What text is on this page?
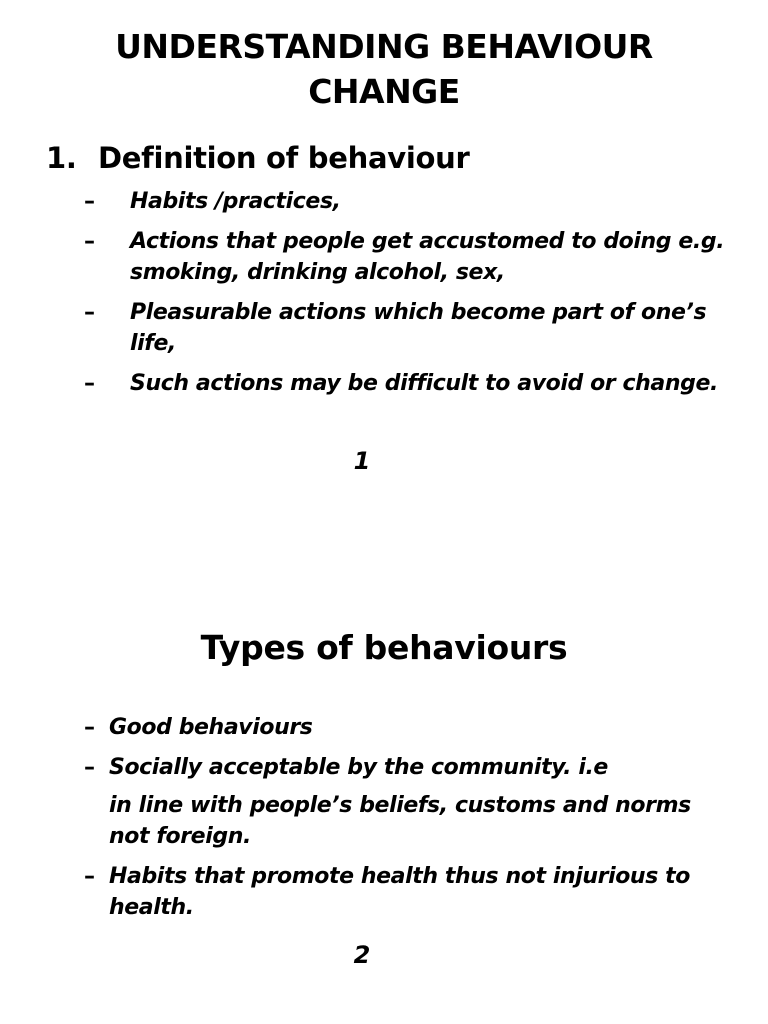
UNDERSTANDING BEHAVIOUR
CHANGE
1. Definition of behaviour
– Habits /practices,
– Actions that people get accustomed to doing e.g. smoking, drinking alcohol, sex,
– Pleasurable actions which become part of one’s life,
– Such actions may be difficult to avoid or change.
1
Types of behaviours
– Good behaviours
– Socially acceptable by the community. i.e
in line with people’s beliefs, customs and norms not foreign.
– Habits that promote health thus not injurious to health.
2
